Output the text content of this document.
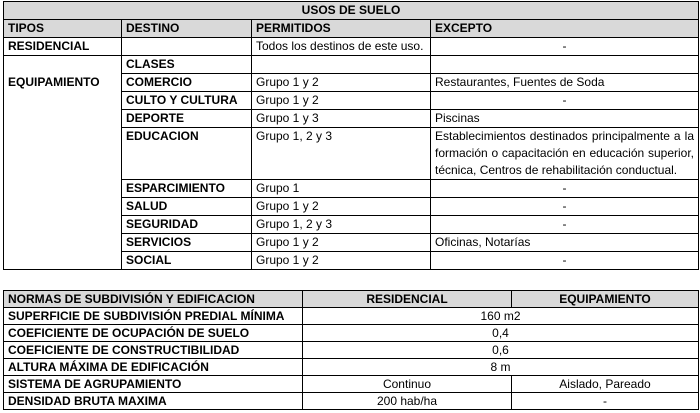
USOS DE SUELO			
TIPOS	DESTINO	PERMITIDOS	EXCEPTO
RESIDENCIAL		Todos los destinos de este uso.	-
	CLASES		
EQUIPAMIENTO	COMERCIO	Grupo 1 y 2	Restaurantes, Fuentes de Soda
	CULTO Y CULTURA	Grupo 1 y 2	-
	DEPORTE	Grupo 1 y 3	Piscinas
	EDUCACION	Grupo 1, 2 y 3	Establecimientos destinados principalmente a la formación o capacitación en educación superior, técnica, Centros de rehabilitación conductual.
	ESPARCIMIENTO	Grupo 1	-
	SALUD	Grupo 1 y 2	-
	SEGURIDAD	Grupo 1, 2 y 3	-
	SERVICIOS	Grupo 1 y 2	Oficinas, Notarías
	SOCIAL	Grupo 1 y 2	-
NORMAS DE SUBDIVISIÓN Y EDIFICACION	RESIDENCIAL	EQUIPAMIENTO
SUPERFICIE DE SUBDIVISIÓN PREDIAL MÍNIMA	160 m2	
COEFICIENTE DE OCUPACIÓN DE SUELO	0,4	
COEFICIENTE DE CONSTRUCTIBILIDAD	0,6	
ALTURA MÁXIMA DE EDIFICACIÓN	8 m	
SISTEMA DE AGRUPAMIENTO	Continuo	Aislado, Pareado
DENSIDAD BRUTA MAXIMA	200 hab/ha	-
